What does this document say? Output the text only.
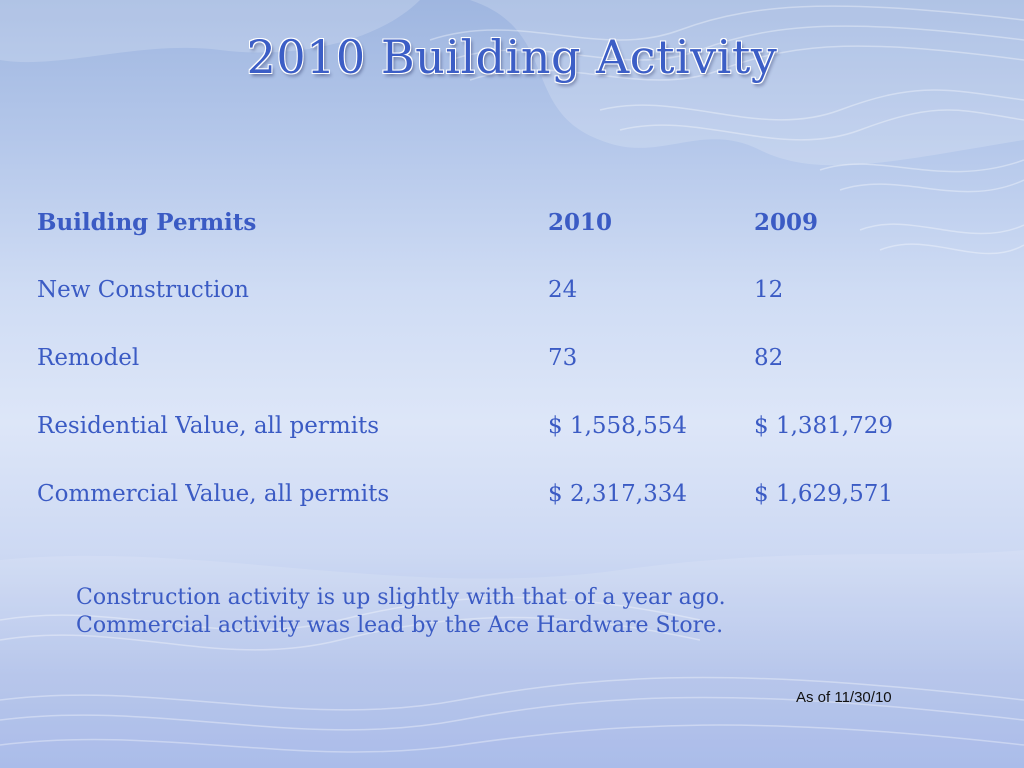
2010 Building Activity
Building Permits	2010	2009
New Construction	24	12
Remodel	73	82
Residential Value, all permits	$ 1,558,554	$ 1,381,729
Commercial Value, all permits	$ 2,317,334	$ 1,629,571
Construction activity is up slightly with that of a year ago.
Commercial activity was lead by the Ace Hardware Store.
As of 11/30/10
